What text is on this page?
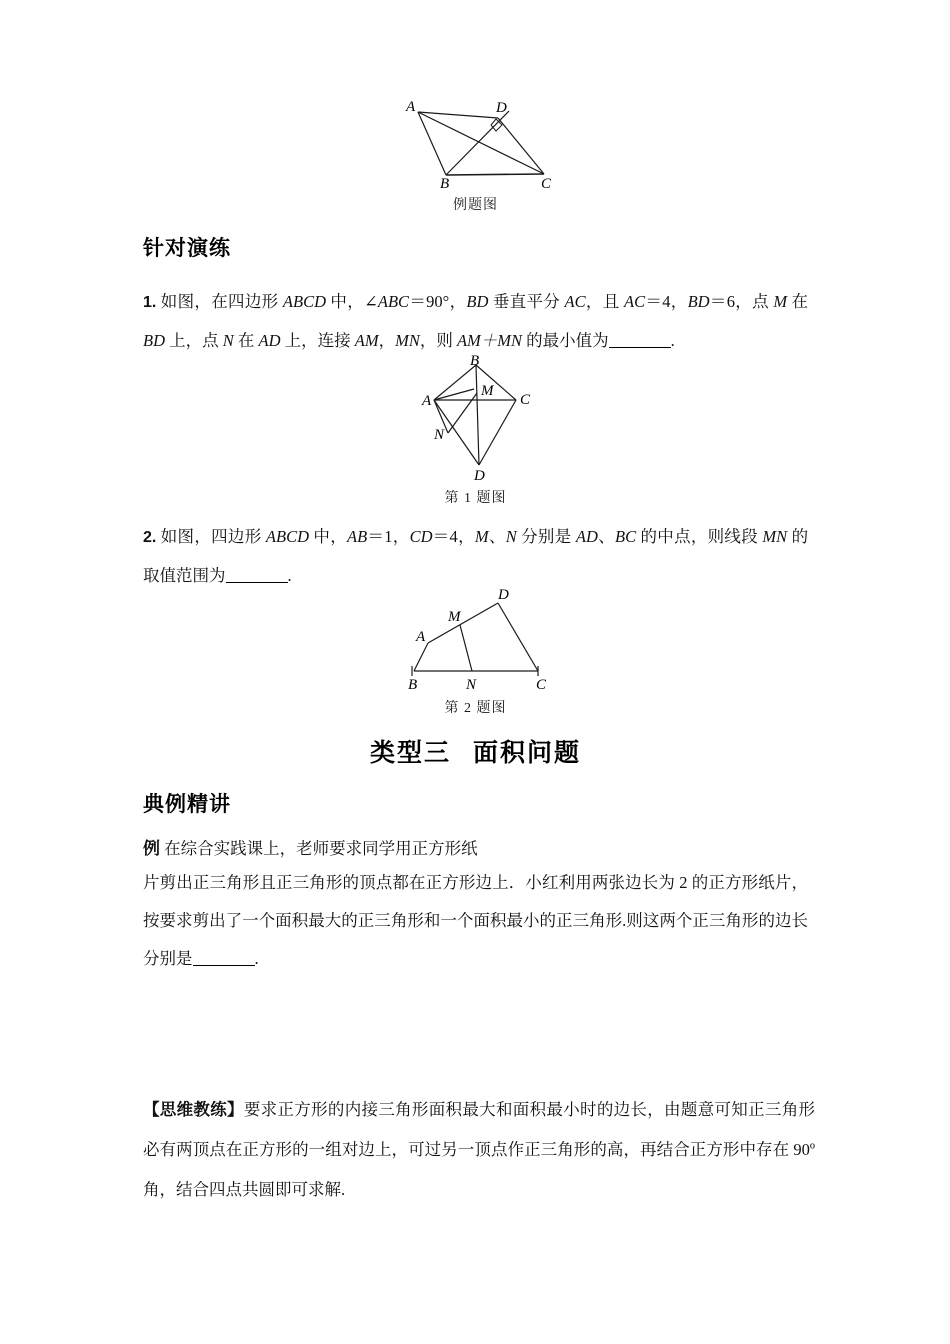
A	D
B	C
例题图
针对演练
1. 如图，在四边形 ABCD 中，∠ABC＝90°，BD 垂直平分 AC，且 AC＝4，BD＝6，点 M 在 BD 上，点 N 在 AD 上，连接 AM，MN，则 AM＋MN 的最小值为	.
A
B
C
D
M
N
第 1 题图
2. 如图，四边形 ABCD 中，AB＝1，CD＝4，M、N 分别是 AD、BC 的中点，则线段 MN 的取值范围为	.
A
B	C
D
M
N
第 2 题图
类型三 面积问题
典例精讲
例 在综合实践课上，老师要求同学用正方形纸
片剪出正三角形且正三角形的顶点都在正方形边上．小红利用两张边长为 2 的正方形纸片，按要求剪出了一个面积最大的正三角形和一个面积最小的正三角形.则这两个正三角形的边长分别是	.
【思维教练】要求正方形的内接三角形面积最大和面积最小时的边长，由题意可知正三角形必有两顶点在正方形的一组对边上，可过另一顶点作正三角形的高，再结合正方形中存在 90º 角，结合四点共圆即可求解.
